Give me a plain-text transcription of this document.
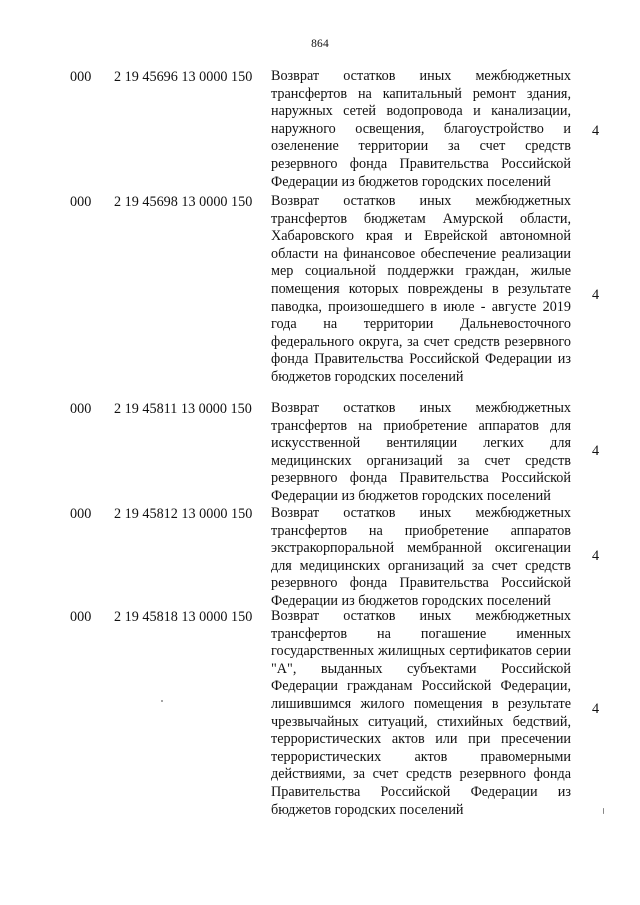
864
000 2 19 45696 13 0000 150 Возврат остатков иных межбюджетных трансфертов на капитальный ремонт здания, наружных сетей водопровода и канализации, наружного освещения, благоустройство и озеленение территории за счет средств резервного фонда Правительства Российской Федерации из бюджетов городских поселений
4
000 2 19 45698 13 0000 150 Возврат остатков иных межбюджетных трансфертов бюджетам Амурской области, Хабаровского края и Еврейской автономной области на финансовое обеспечение реализации мер социальной поддержки граждан, жилые помещения которых повреждены в результате паводка, произошедшего в июле - августе 2019 года на территории Дальневосточного федерального округа, за счет средств резервного фонда Правительства Российской Федерации из бюджетов городских поселений
4
000 2 19 45811 13 0000 150 Возврат остатков иных межбюджетных трансфертов на приобретение аппаратов для искусственной вентиляции легких для медицинских организаций за счет средств резервного фонда Правительства Российской Федерации из бюджетов городских поселений
4
000 2 19 45812 13 0000 150 Возврат остатков иных межбюджетных трансфертов на приобретение аппаратов экстракорпоральной мембранной оксигенации для медицинских организаций за счет средств резервного фонда Правительства Российской Федерации из бюджетов городских поселений
4
000 2 19 45818 13 0000 150 Возврат остатков иных межбюджетных трансфертов на погашение именных государственных жилищных сертификатов серии "А", выданных субъектами Российской Федерации гражданам Российской Федерации, лишившимся жилого помещения в результате чрезвычайных ситуаций, стихийных бедствий, террористических актов или при пресечении террористических актов правомерными действиями, за счет средств резервного фонда Правительства Российской Федерации из бюджетов городских поселений
4
